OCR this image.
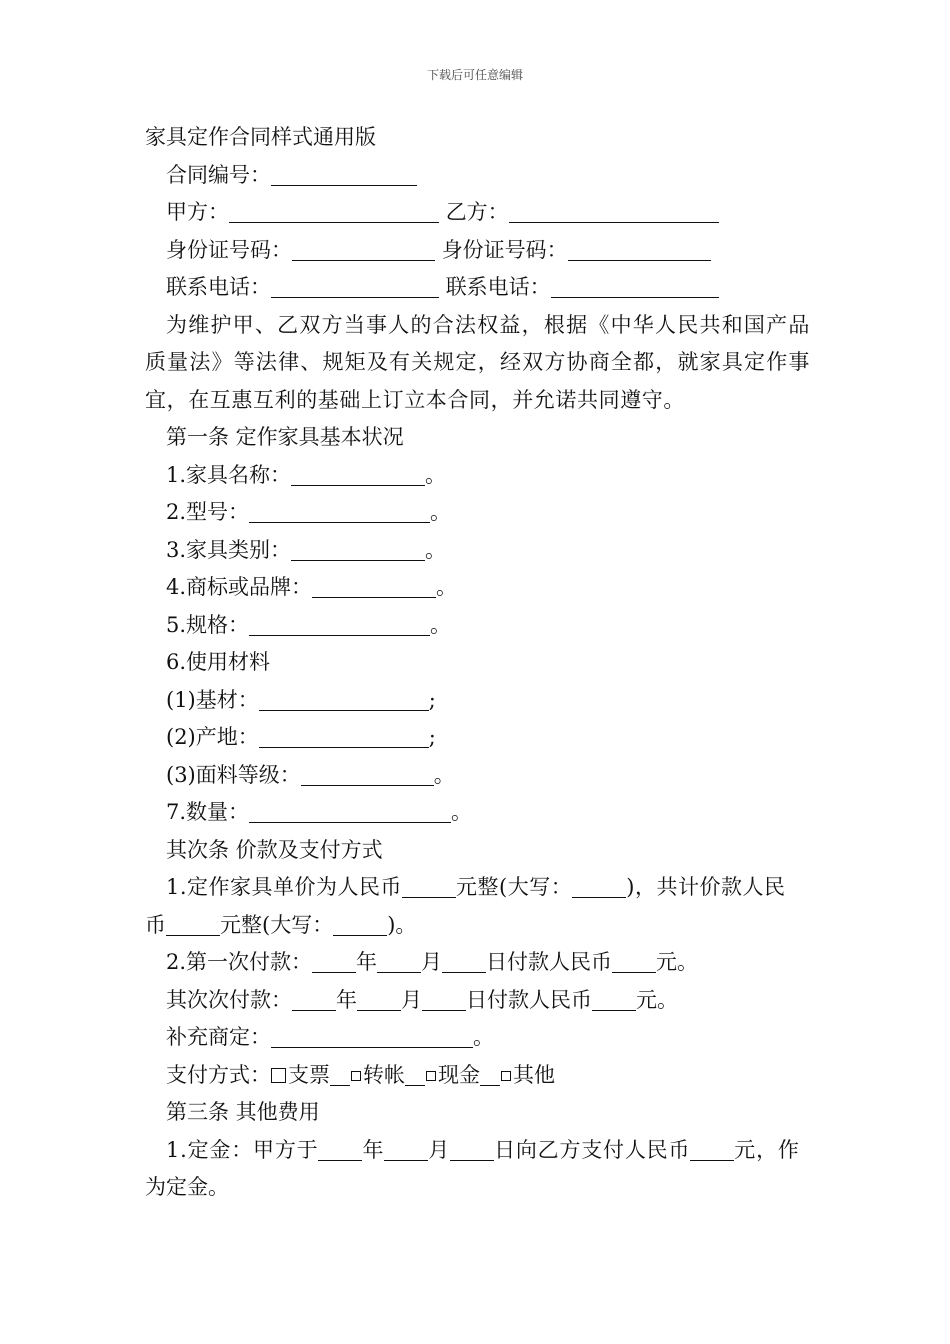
下载后可任意编辑
家具定作合同样式通用版
合同编号：
甲方：	乙方：
身份证号码：	身份证号码：
联系电话：	联系电话：
为维护甲、乙双方当事人的合法权益，根据《中华人民共和国产品质量法》等法律、规矩及有关规定，经双方协商全都，就家具定作事宜，在互惠互利的基础上订立本合同，并允诺共同遵守。
第一条 定作家具基本状况
1.家具名称：	。
2.型号：	。
3.家具类别：	。
4.商标或品牌：	。
5.规格：	。
6.使用材料
(1)基材：	;
(2)产地：	;
(3)面料等级：	。
7.数量：	。
其次条 价款及支付方式
1.定作家具单价为人民币	元整(大写：	)，共计价款人民
币	元整(大写：	)。
2.第一次付款： 年 月 日付款人民币 元。
其次次付款： 年 月 日付款人民币 元。
补充商定：	。
支付方式： 支票 转帐 现金 其他
第三条 其他费用
1.定金：甲方于 年 月 日向乙方支付人民币 元，作
为定金。
